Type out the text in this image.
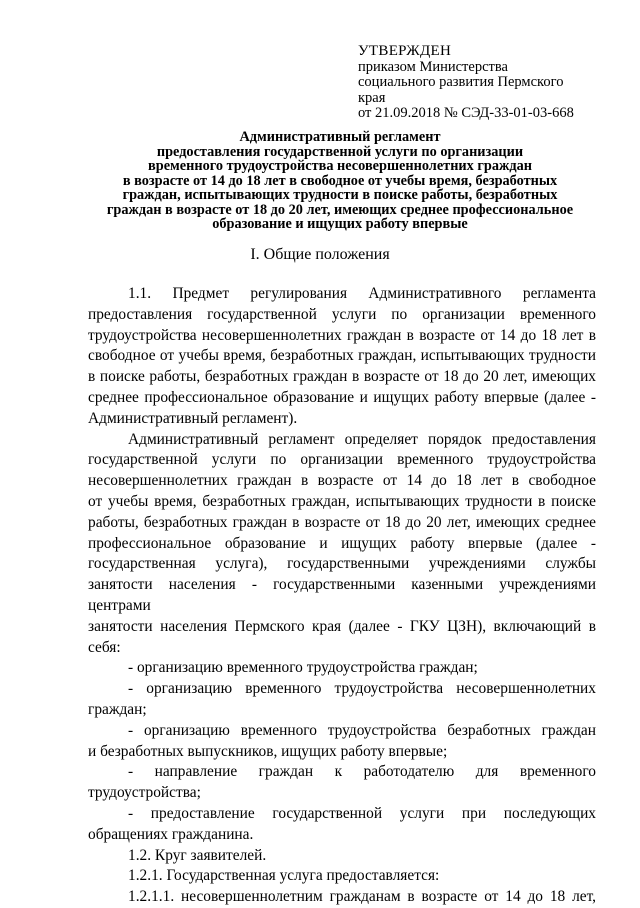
УТВЕРЖДЕН
приказом Министерства
социального развития Пермского
края
от 21.09.2018 № СЭД-33-01-03-668
Административный регламент
предоставления государственной услуги по организации
временного трудоустройства несовершеннолетних граждан
в возрасте от 14 до 18 лет в свободное от учебы время, безработных
граждан, испытывающих трудности в поиске работы, безработных
граждан в возрасте от 18 до 20 лет, имеющих среднее профессиональное
образование и ищущих работу впервые
I. Общие положения

1.1. Предмет регулирования Административного регламента
предоставления государственной услуги по организации временного
трудоустройства несовершеннолетних граждан в возрасте от 14 до 18 лет в
свободное от учебы время, безработных граждан, испытывающих трудности
в поиске работы, безработных граждан в возрасте от 18 до 20 лет, имеющих
среднее профессиональное образование и ищущих работу впервые (далее -
Административный регламент).

Административный регламент определяет порядок предоставления
государственной услуги по организации временного трудоустройства
несовершеннолетних граждан в возрасте от 14 до 18 лет в свободное
от учебы время, безработных граждан, испытывающих трудности в поиске
работы, безработных граждан в возрасте от 18 до 20 лет, имеющих среднее
профессиональное образование и ищущих работу впервые (далее -
государственная услуга), государственными учреждениями службы
занятости населения - государственными казенными учреждениями центрами
занятости населения Пермского края (далее - ГКУ ЦЗН), включающий в себя:

- организацию временного трудоустройства граждан;

- организацию временного трудоустройства несовершеннолетних
граждан;

- организацию временного трудоустройства безработных граждан
и безработных выпускников, ищущих работу впервые;

- направление граждан к работодателю для временного
трудоустройства;

- предоставление государственной услуги при последующих
обращениях гражданина.

1.2. Круг заявителей.

1.2.1. Государственная услуга предоставляется:

1.2.1.1. несовершеннолетним гражданам в возрасте от 14 до 18 лет,
